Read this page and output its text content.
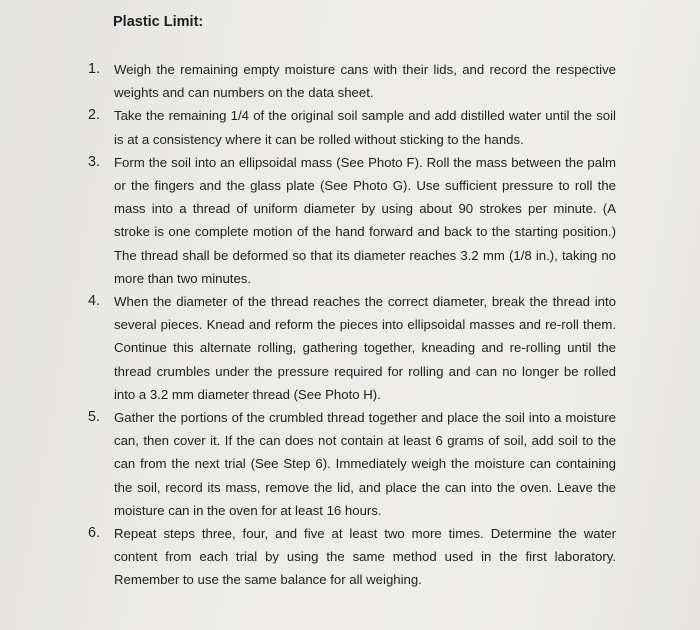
Plastic Limit:
1.	Weigh the remaining empty moisture cans with their lids, and record the respective weights and can numbers on the data sheet.
2.	Take the remaining 1/4 of the original soil sample and add distilled water until the soil is at a consistency where it can be rolled without sticking to the hands.
3.	Form the soil into an ellipsoidal mass (See Photo F). Roll the mass between the palm or the fingers and the glass plate (See Photo G). Use sufficient pressure to roll the mass into a thread of uniform diameter by using about 90 strokes per minute. (A stroke is one complete motion of the hand forward and back to the starting position.) The thread shall be deformed so that its diameter reaches 3.2 mm (1/8 in.), taking no more than two minutes.
4.	When the diameter of the thread reaches the correct diameter, break the thread into several pieces. Knead and reform the pieces into ellipsoidal masses and re-roll them. Continue this alternate rolling, gathering together, kneading and re-rolling until the thread crumbles under the pressure required for rolling and can no longer be rolled into a 3.2 mm diameter thread (See Photo H).
5.	Gather the portions of the crumbled thread together and place the soil into a moisture can, then cover it. If the can does not contain at least 6 grams of soil, add soil to the can from the next trial (See Step 6). Immediately weigh the moisture can containing the soil, record its mass, remove the lid, and place the can into the oven. Leave the moisture can in the oven for at least 16 hours.
6.	Repeat steps three, four, and five at least two more times. Determine the water content from each trial by using the same method used in the first laboratory. Remember to use the same balance for all weighing.
